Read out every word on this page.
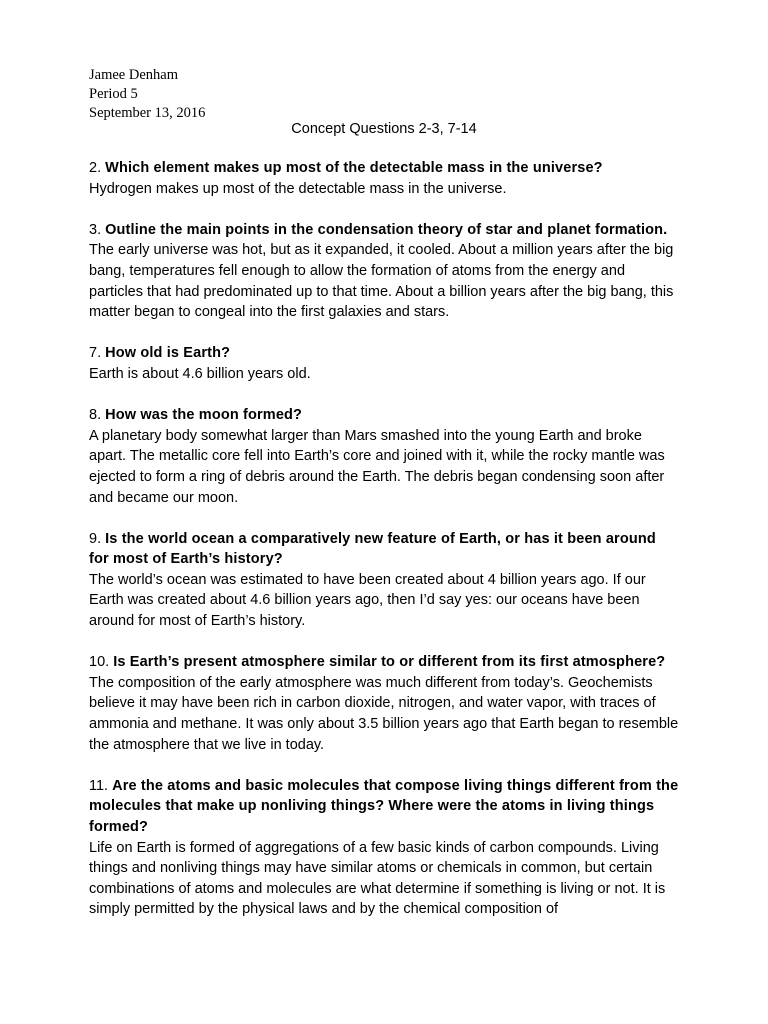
Jamee Denham
Period 5
September 13, 2016
Concept Questions 2-3, 7-14

2. Which element makes up most of the detectable mass in the universe?

Hydrogen makes up most of the detectable mass in the universe.

3. Outline the main points in the condensation theory of star and planet formation.

The early universe was hot, but as it expanded, it cooled. About a million years after the big bang, temperatures fell enough to allow the formation of atoms from the energy and particles that had predominated up to that time. About a billion years after the big bang, this matter began to congeal into the first galaxies and stars.

7. How old is Earth?

Earth is about 4.6 billion years old.

8. How was the moon formed?

A planetary body somewhat larger than Mars smashed into the young Earth and broke apart. The metallic core fell into Earth’s core and joined with it, while the rocky mantle was ejected to form a ring of debris around the Earth. The debris began condensing soon after and became our moon.

9. Is the world ocean a comparatively new feature of Earth, or has it been around for most of Earth’s history?

The world’s ocean was estimated to have been created about 4 billion years ago. If our Earth was created about 4.6 billion years ago, then I’d say yes: our oceans have been around for most of Earth’s history.

10. Is Earth’s present atmosphere similar to or different from its first atmosphere?

The composition of the early atmosphere was much different from today’s. Geochemists believe it may have been rich in carbon dioxide, nitrogen, and water vapor, with traces of ammonia and methane. It was only about 3.5 billion years ago that Earth began to resemble the atmosphere that we live in today.

11. Are the atoms and basic molecules that compose living things different from the molecules that make up nonliving things? Where were the atoms in living things formed?

Life on Earth is formed of aggregations of a few basic kinds of carbon compounds. Living things and nonliving things may have similar atoms or chemicals in common, but certain combinations of atoms and molecules are what determine if something is living or not. It is simply permitted by the physical laws and by the chemical composition of
